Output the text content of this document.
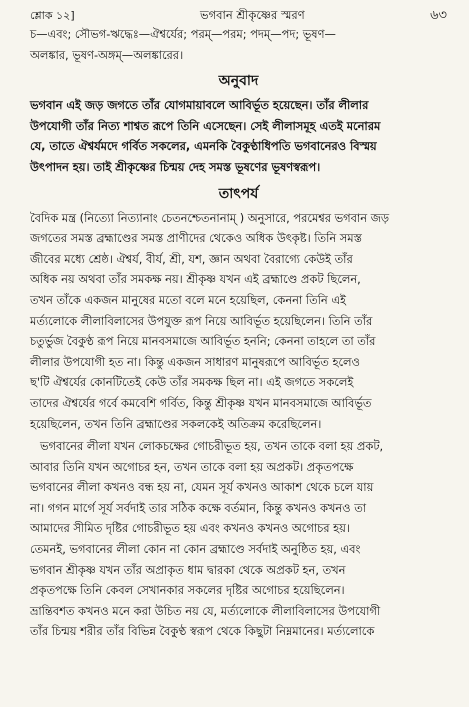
শ্লোক ১২]	ভগবান শ্রীকৃষ্ণের স্মরণ	৬৩

চ—এবং; সৌভগ-ঋদ্ধেঃ—ঐশ্বর্যের; পরম্—পরম; পদম্—পদ; ভূষণ—

অলঙ্কার, ভূষণ-অঙ্গম্—অলঙ্কারের।

অনুবাদ

ভগবান এই জড় জগতে তাঁর যোগমায়াবলে আবির্ভূত হয়েছেন। তাঁর লীলার

উপযোগী তাঁর নিত্য শাশ্বত রূপে তিনি এসেছেন। সেই লীলাসমূহ এতই মনোরম

যে, তাতে ঐশ্বর্যমদে গর্বিত সকলের, এমনকি বৈকুণ্ঠাধিপতি ভগবানেরও বিস্ময়

উৎপাদন হয়। তাই শ্রীকৃষ্ণের চিন্ময় দেহ সমস্ত ভূষণের ভূষণস্বরূপ।

তাৎপর্য

বৈদিক মন্ত্র (নিত্যো নিত্যানাং চেতনশ্চেতনানাম্ ) অনুসারে, পরমেশ্বর ভগবান জড়

জগতের সমস্ত ব্রহ্মাণ্ডের সমস্ত প্রাণীদের থেকেও অধিক উৎকৃষ্ট। তিনি সমস্ত

জীবের মধ্যে শ্রেষ্ঠ। ঐশ্বর্য, বীর্য, শ্রী, যশ, জ্ঞান অথবা বৈরাগ্যে কেউই তাঁর

অধিক নয় অথবা তাঁর সমকক্ষ নয়। শ্রীকৃষ্ণ যখন এই ব্রহ্মাণ্ডে প্রকট ছিলেন,

তখন তাঁকে একজন মানুষের মতো বলে মনে হয়েছিল, কেননা তিনি এই

মর্ত্যলোকে লীলাবিলাসের উপযুক্ত রূপ নিয়ে আবির্ভূত হয়েছিলেন। তিনি তাঁর

চতুর্ভুজ বৈকুণ্ঠ রূপ নিয়ে মানবসমাজে আবির্ভূত হননি; কেননা তাহলে তা তাঁর

লীলার উপযোগী হত না। কিন্তু একজন সাধারণ মানুষরূপে আবির্ভূত হলেও

ছ'টি ঐশ্বর্যের কোনটিতেই কেউ তাঁর সমকক্ষ ছিল না। এই জগতে সকলেই

তাদের ঐশ্বর্যের গর্বে কমবেশি গর্বিত, কিন্তু শ্রীকৃষ্ণ যখন মানবসমাজে আবির্ভূত

হয়েছিলেন, তখন তিনি ব্রহ্মাণ্ডের সকলকেই অতিক্রম করেছিলেন।

ভগবানের লীলা যখন লোকচক্ষের গোচরীভূত হয়, তখন তাকে বলা হয় প্রকট,

আবার তিনি যখন অগোচর হন, তখন তাকে বলা হয় অপ্রকট। প্রকৃতপক্ষে

ভগবানের লীলা কখনও বন্ধ হয় না, যেমন সূর্য কখনও আকাশ থেকে চলে যায়

না। গগন মার্গে সূর্য সর্বদাই তার সঠিক কক্ষে বর্তমান, কিন্তু কখনও কখনও তা

আমাদের সীমিত দৃষ্টির গোচরীভূত হয় এবং কখনও কখনও অগোচর হয়।

তেমনই, ভগবানের লীলা কোন না কোন ব্রহ্মাণ্ডে সর্বদাই অনুষ্ঠিত হয়, এবং

ভগবান শ্রীকৃষ্ণ যখন তাঁর অপ্রাকৃত ধাম দ্বারকা থেকে অপ্রকট হন, তখন

প্রকৃতপক্ষে তিনি কেবল সেখানকার সকলের দৃষ্টির অগোচর হয়েছিলেন।

ভ্রান্তিবশত কখনও মনে করা উচিত নয় যে, মর্ত্যলোকে লীলাবিলাসের উপযোগী

তাঁর চিন্ময় শরীর তাঁর বিভিন্ন বৈকুণ্ঠ স্বরূপ থেকে কিছুটা নিম্নমানের। মর্ত্যলোকে
